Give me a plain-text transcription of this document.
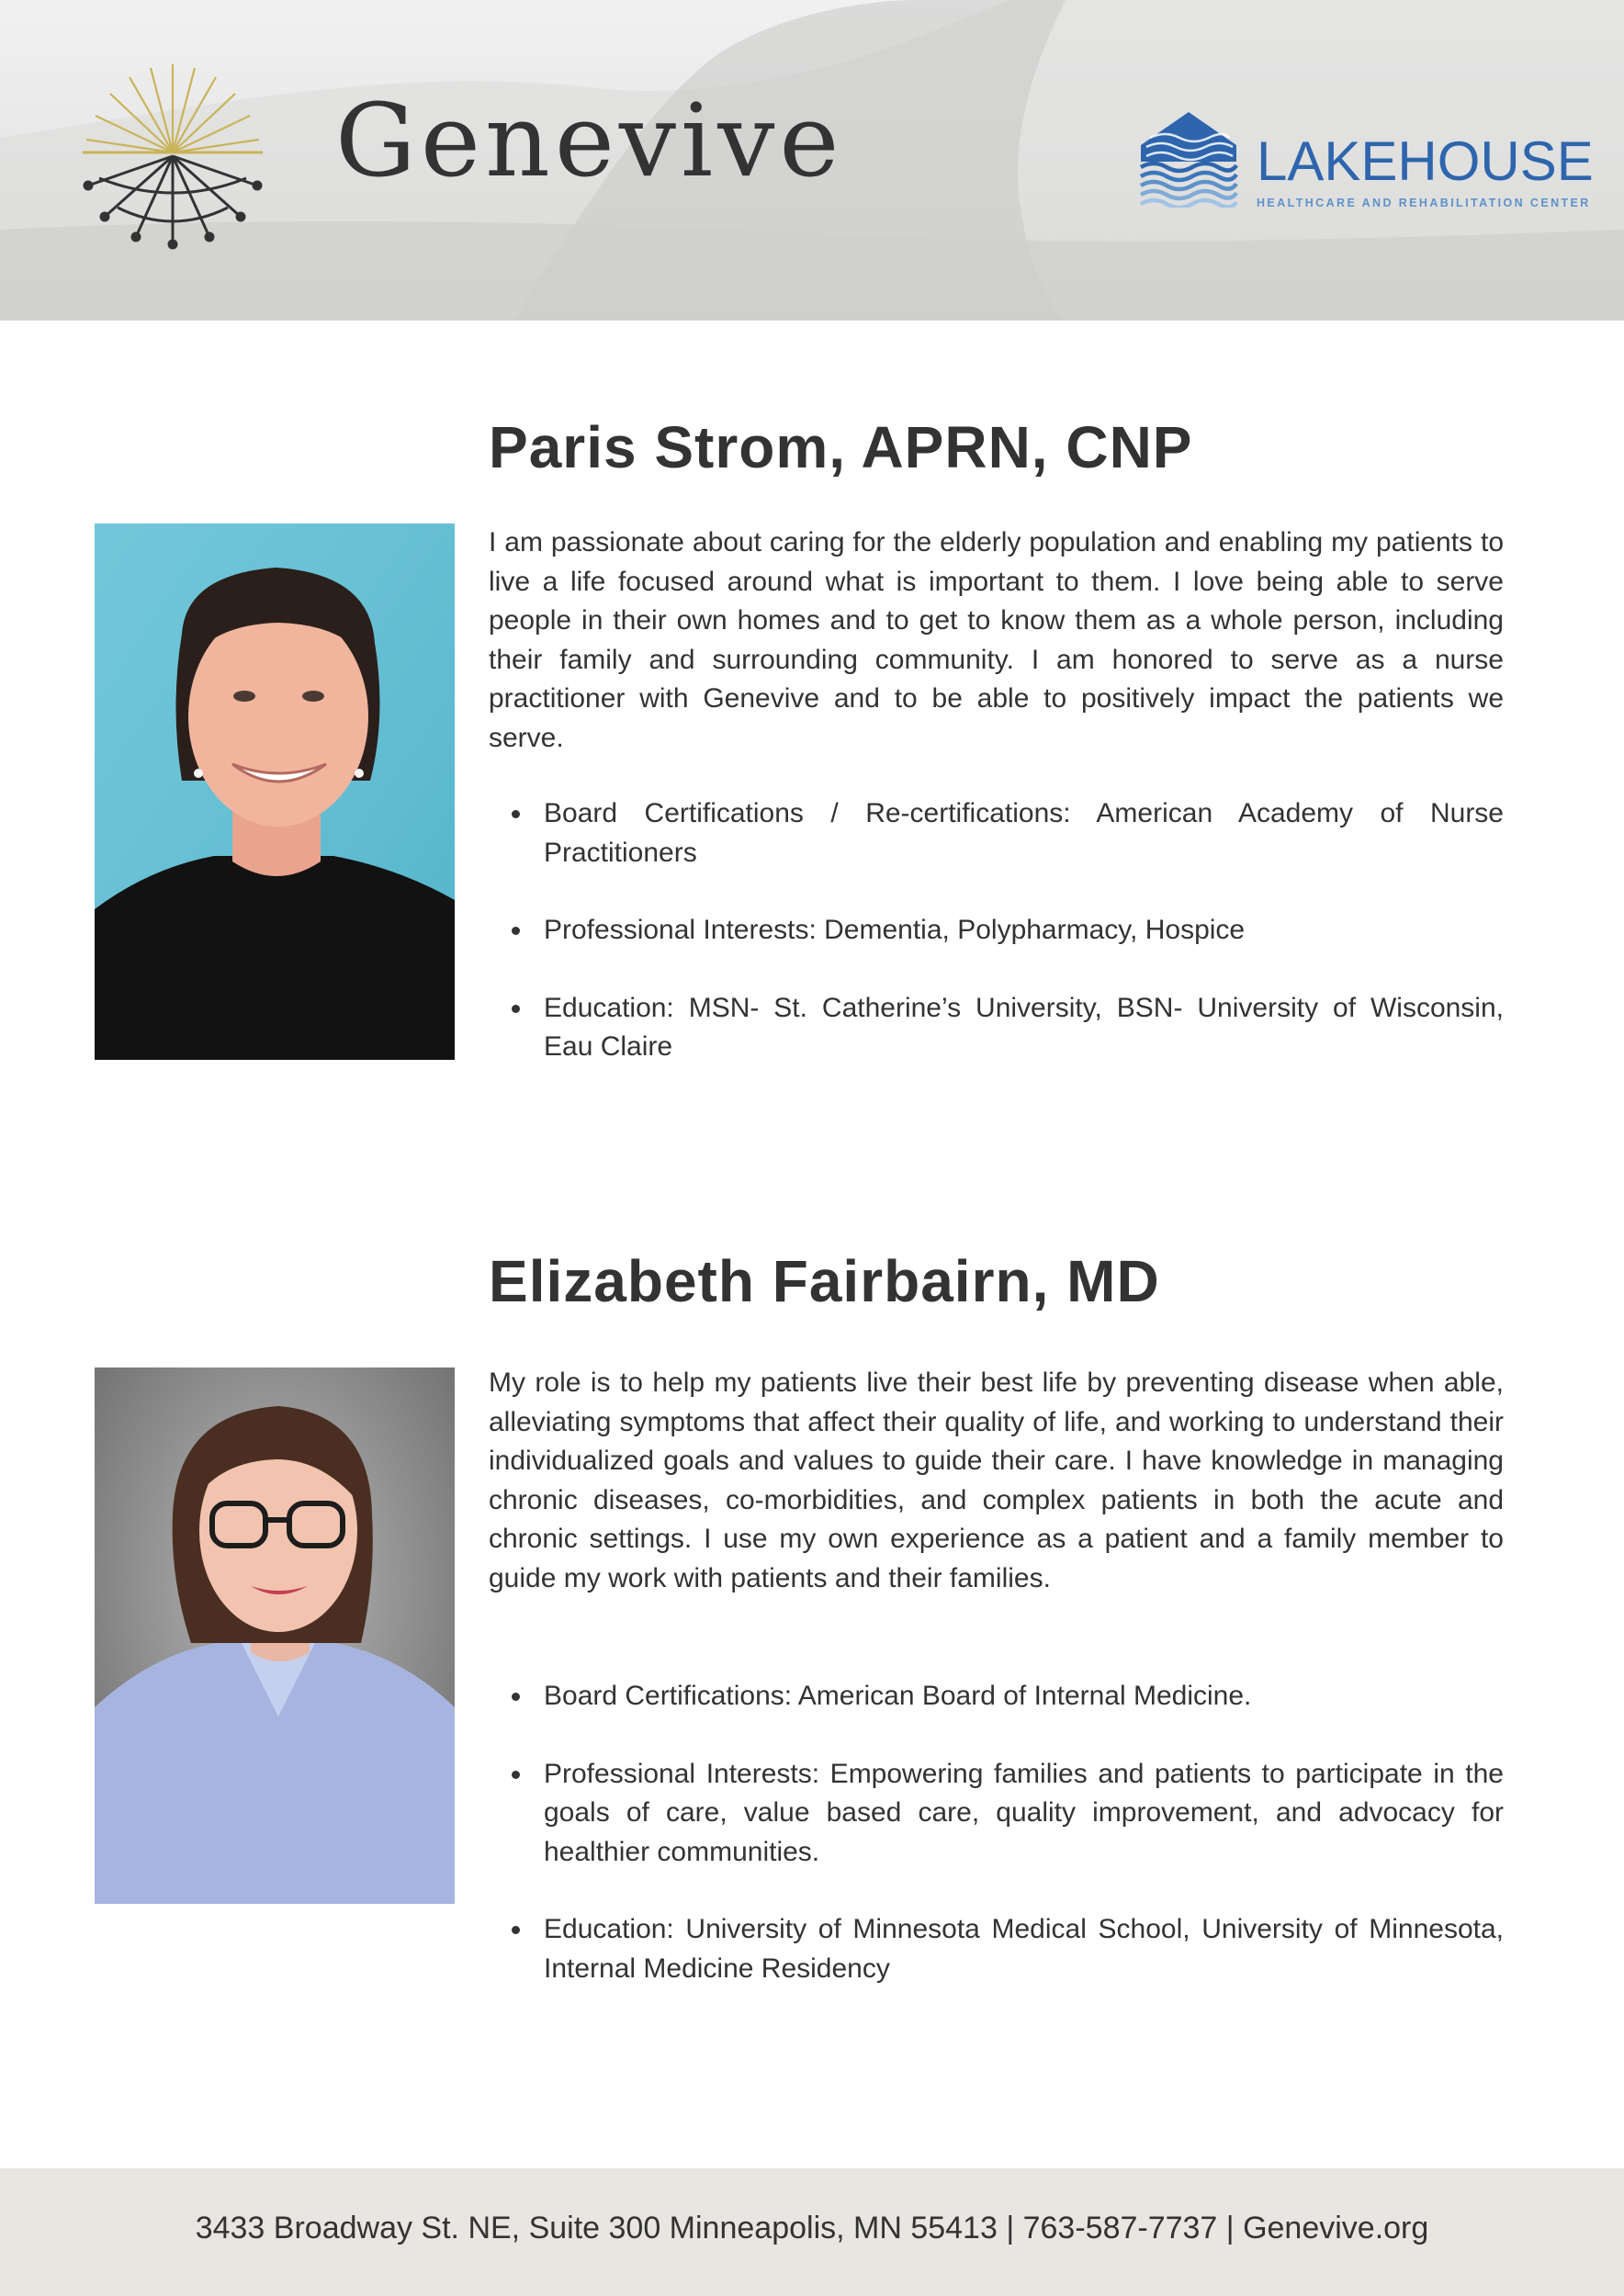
Genevive	LAKEHOUSE
HEALTHCARE AND REHABILITATION CENTER
Paris Strom, APRN, CNP

I am passionate about caring for the elderly population and enabling my patients to live a life focused around what is important to them. I love being able to serve people in their own homes and to get to know them as a whole person, including their family and surrounding community. I am honored to serve as a nurse practitioner with Genevive and to be able to positively impact the patients we serve.

Board Certifications / Re-certifications: American Academy of Nurse Practitioners
Professional Interests: Dementia, Polypharmacy, Hospice
Education: MSN- St. Catherine’s University, BSN- University of Wisconsin, Eau Claire
Elizabeth Fairbairn, MD

My role is to help my patients live their best life by preventing disease when able, alleviating symptoms that affect their quality of life, and working to understand their individualized goals and values to guide their care. I have knowledge in managing chronic diseases, co-morbidities, and complex patients in both the acute and chronic settings. I use my own experience as a patient and a family member to guide my work with patients and their families.

Board Certifications: American Board of Internal Medicine.
Professional Interests: Empowering families and patients to participate in the goals of care, value based care, quality improvement, and advocacy for healthier communities.
Education: University of Minnesota Medical School, University of Minnesota, Internal Medicine Residency
3433 Broadway St. NE, Suite 300 Minneapolis, MN 55413 | 763-587-7737 | Genevive.org
